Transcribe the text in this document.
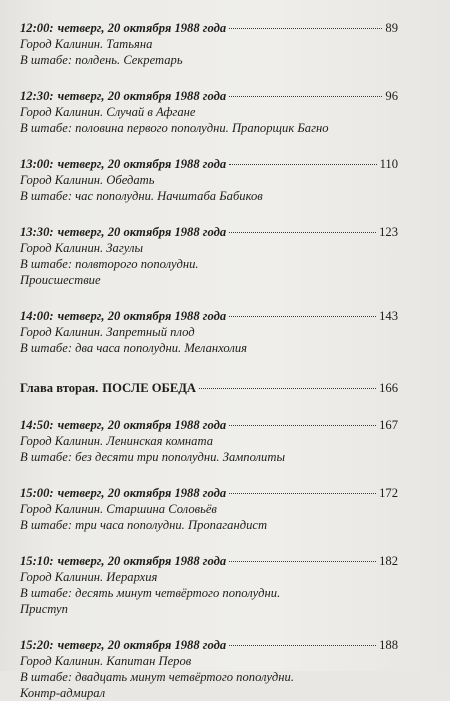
12:00: четверг, 20 октября 1988 года	89
Город Калинин. Татьяна
В штабе: полдень. Секретарь
12:30: четверг, 20 октября 1988 года	96
Город Калинин. Случай в Афгане
В штабе: половина первого пополудни. Прапорщик Багно
13:00: четверг, 20 октября 1988 года	110
Город Калинин. Обедать
В штабе: час пополудни. Начштаба Бабиков
13:30: четверг, 20 октября 1988 года	123
Город Калинин. Загулы
В штабе: полвторого пополудни.
Происшествие
14:00: четверг, 20 октября 1988 года	143
Город Калинин. Запретный плод
В штабе: два часа пополудни. Меланхолия
Глава вторая. ПОСЛЕ ОБЕДА	166
14:50: четверг, 20 октября 1988 года	167
Город Калинин. Ленинская комната
В штабе: без десяти три пополудни. Замполиты
15:00: четверг, 20 октября 1988 года	172
Город Калинин. Старшина Соловьёв
В штабе: три часа пополудни. Пропагандист
15:10: четверг, 20 октября 1988 года	182
Город Калинин. Иерархия
В штабе: десять минут четвёртого пополудни.
Приступ
15:20: четверг, 20 октября 1988 года	188
Город Калинин. Капитан Перов
В штабе: двадцать минут четвёртого пополудни.
Контр-адмирал
